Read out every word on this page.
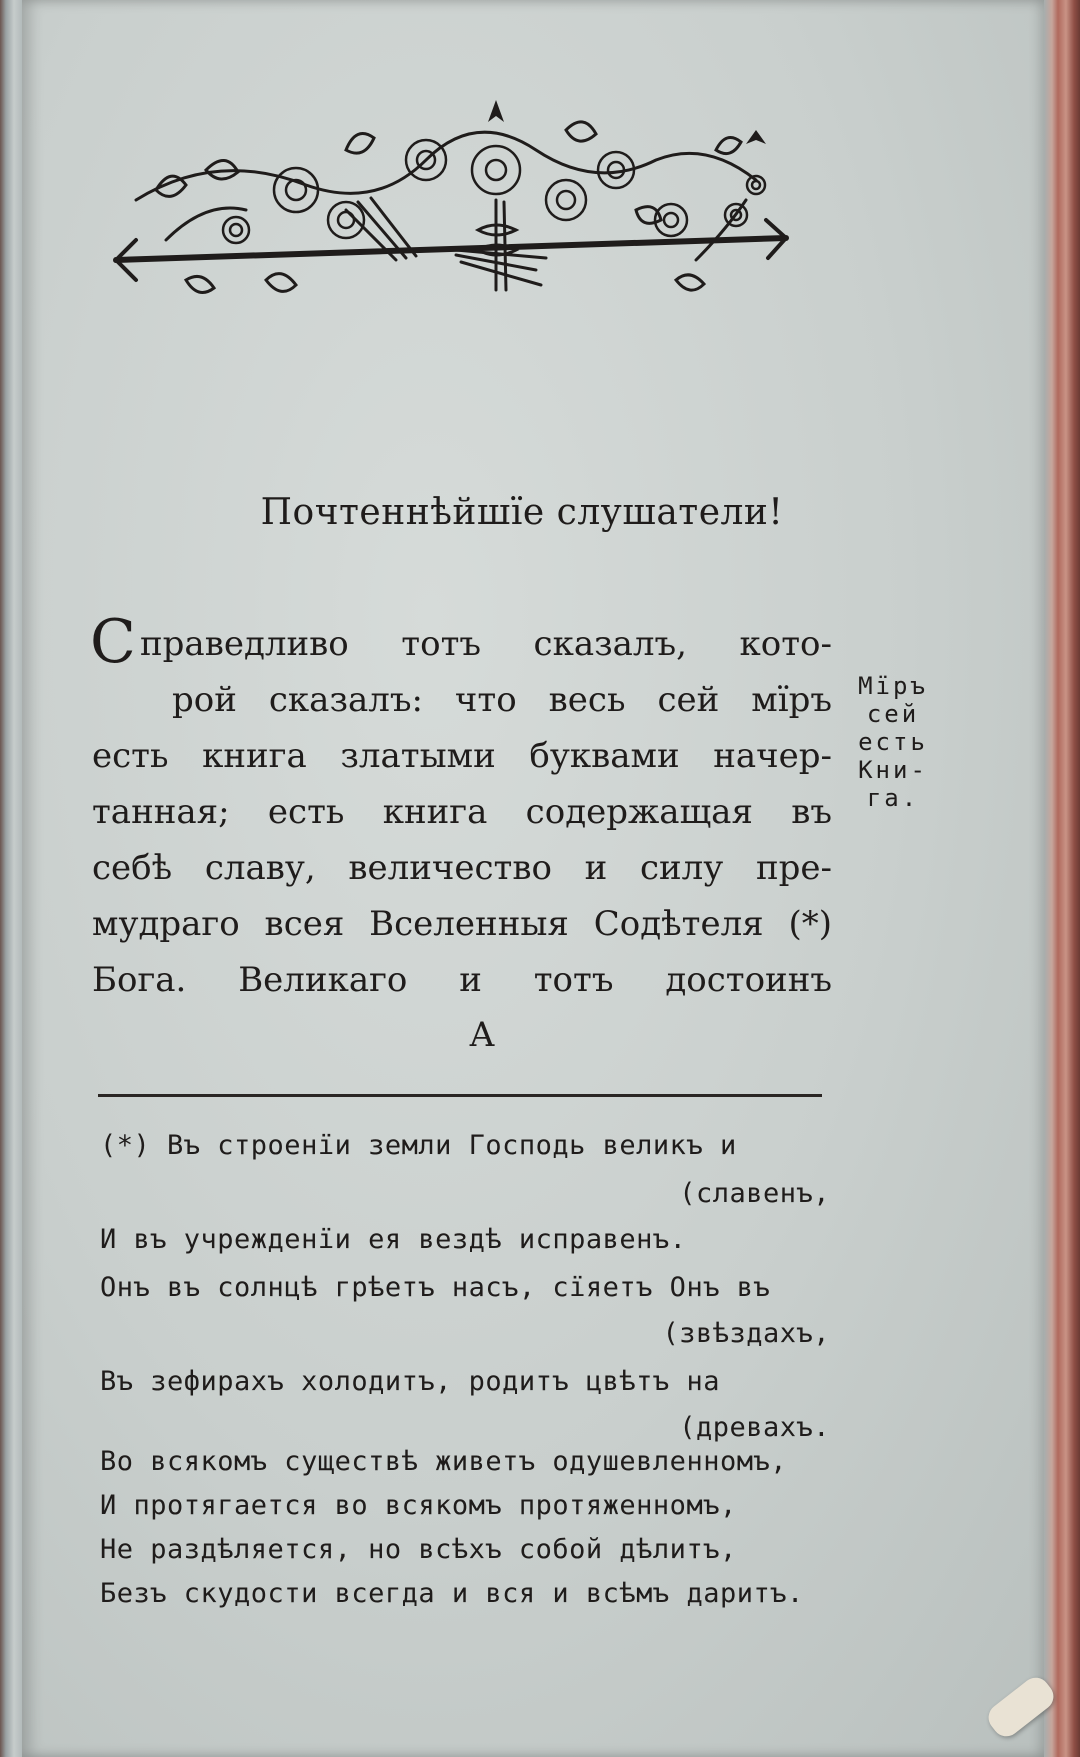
Почтеннѣйшїе слушатели!
С праведливо тотъ сказалъ, кото-
рой сказалъ: что весь сей мїръ
есть книга златыми буквами начер-
танная; есть книга содержащая въ
себѣ славу, величество и силу пре-
мудраго всея Вселенныя Содѣтеля (*)
Бога. Великаго и тотъ достоинъ
А
Мїръ
сей
есть
Кни-
га.
(*) Въ строенїи земли Господь великъ и
(славенъ,
И въ учрежденїи ея вездѣ исправенъ.
Онъ въ солнцѣ грѣетъ насъ, сїяетъ Онъ въ
(звѣздахъ,
Въ зефирахъ холодитъ, родитъ цвѣтъ на
(древахъ.
Во всякомъ существѣ живетъ одушевленномъ,
И протягается во всякомъ протяженномъ,
Не раздѣляется, но всѣхъ собой дѣлитъ,
Безъ скудости всегда и вся и всѣмъ даритъ.
